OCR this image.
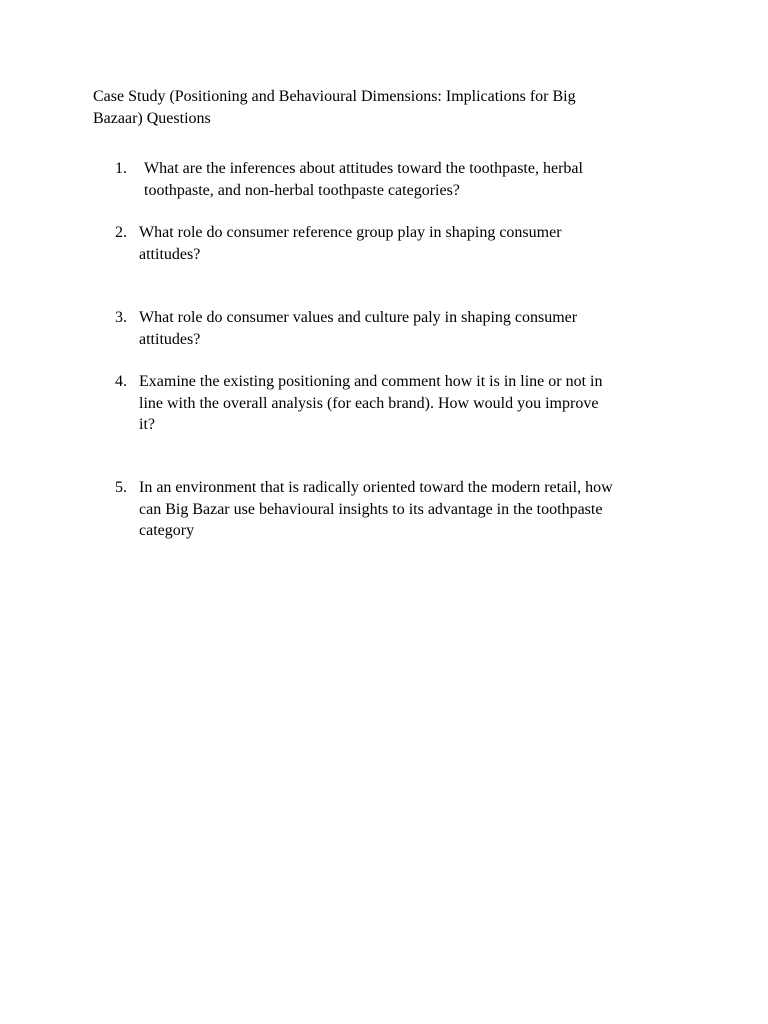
Case Study (Positioning and Behavioural Dimensions: Implications for Big
Bazaar) Questions
1.	What are the inferences about attitudes toward the toothpaste, herbal
toothpaste, and non-herbal toothpaste categories?
2. What role do consumer reference group play in shaping consumer
attitudes?
3. What role do consumer values and culture paly in shaping consumer
attitudes?
4. Examine the existing positioning and comment how it is in line or not in
line with the overall analysis (for each brand). How would you improve
it?
5. In an environment that is radically oriented toward the modern retail, how
can Big Bazar use behavioural insights to its advantage in the toothpaste
category
